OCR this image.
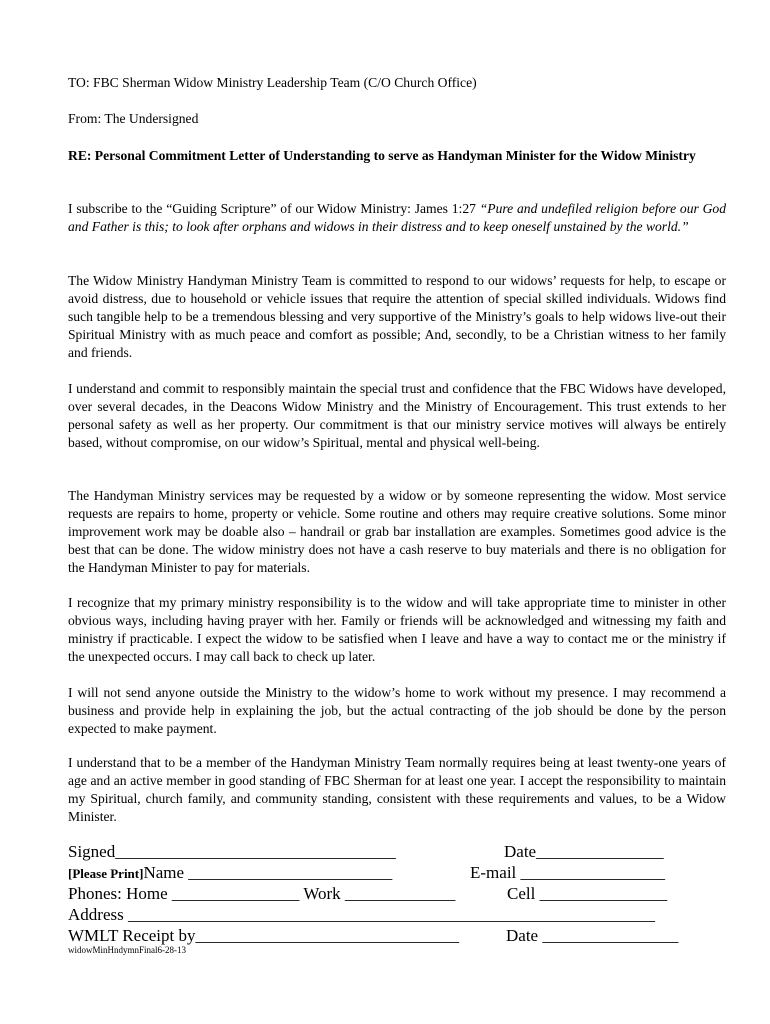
TO: FBC Sherman Widow Ministry Leadership Team (C/O Church Office)
From: The Undersigned
RE: Personal Commitment Letter of Understanding to serve as Handyman Minister for the Widow Ministry

I subscribe to the “Guiding Scripture” of our Widow Ministry: James 1:27 “Pure and undefiled religion before our God and Father is this; to look after orphans and widows in their distress and to keep oneself unstained by the world.”

The Widow Ministry Handyman Ministry Team is committed to respond to our widows’ requests for help, to escape or avoid distress, due to household or vehicle issues that require the attention of special skilled individuals. Widows find such tangible help to be a tremendous blessing and very supportive of the Ministry’s goals to help widows live-out their Spiritual Ministry with as much peace and comfort as possible; And, secondly, to be a Christian witness to her family and friends.

I understand and commit to responsibly maintain the special trust and confidence that the FBC Widows have developed, over several decades, in the Deacons Widow Ministry and the Ministry of Encouragement. This trust extends to her personal safety as well as her property. Our commitment is that our ministry service motives will always be entirely based, without compromise, on our widow’s Spiritual, mental and physical well-being.

The Handyman Ministry services may be requested by a widow or by someone representing the widow. Most service requests are repairs to home, property or vehicle. Some routine and others may require creative solutions. Some minor improvement work may be doable also – handrail or grab bar installation are examples. Sometimes good advice is the best that can be done. The widow ministry does not have a cash reserve to buy materials and there is no obligation for the Handyman Minister to pay for materials.

I recognize that my primary ministry responsibility is to the widow and will take appropriate time to minister in other obvious ways, including having prayer with her. Family or friends will be acknowledged and witnessing my faith and ministry if practicable. I expect the widow to be satisfied when I leave and have a way to contact me or the ministry if the unexpected occurs. I may call back to check up later.

I will not send anyone outside the Ministry to the widow’s home to work without my presence. I may recommend a business and provide help in explaining the job, but the actual contracting of the job should be done by the person expected to make payment.

I understand that to be a member of the Handyman Ministry Team normally requires being at least twenty-one years of age and an active member in good standing of FBC Sherman for at least one year. I accept the responsibility to maintain my Spiritual, church family, and community standing, consistent with these requirements and values, to be a Widow Minister.

Signed_________________________________	Date_______________
[Please Print]Name ________________________	E-mail _________________
Phones: Home _______________ Work _____________	Cell _______________
Address ______________________________________________________________
WMLT Receipt by_______________________________	Date ________________
widowMinHndymnFinal6-28-13
